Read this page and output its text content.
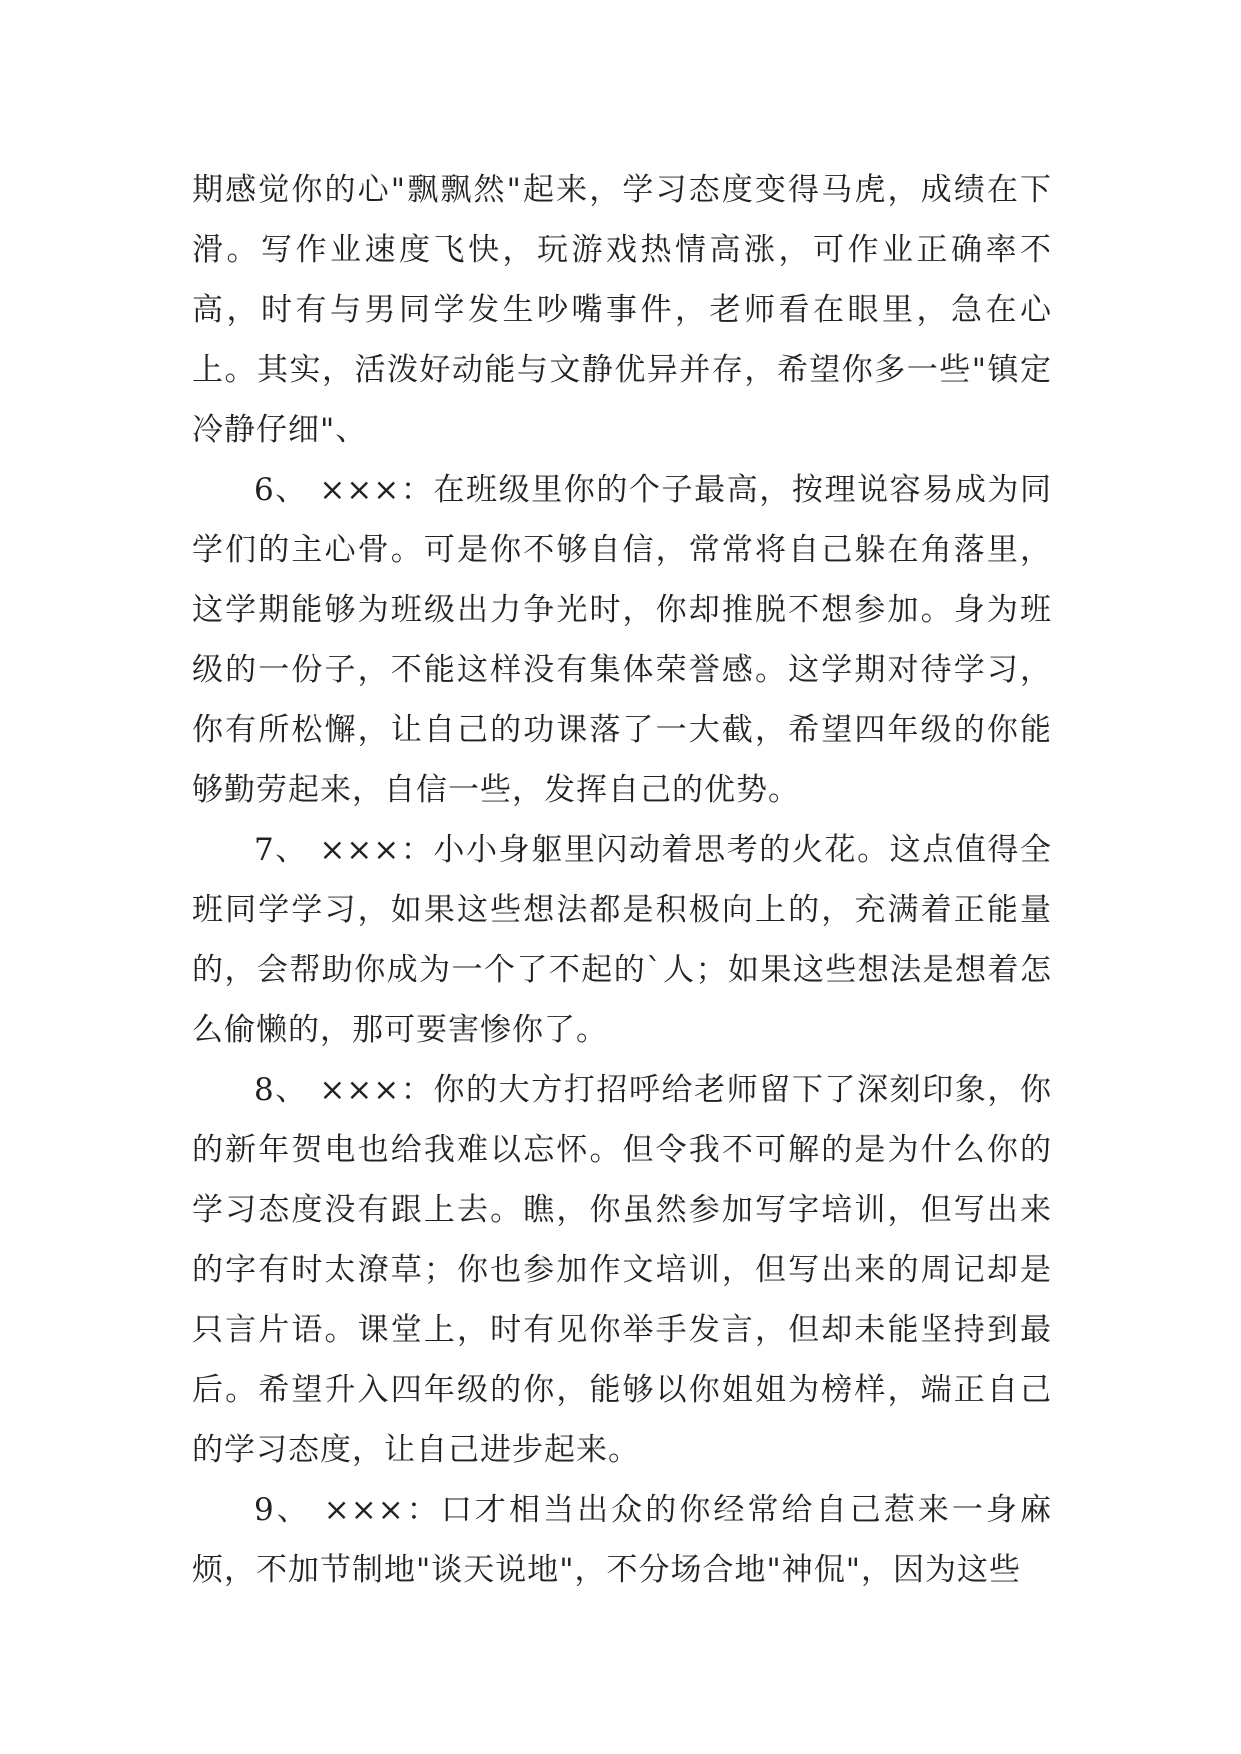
期感觉你的心"飘飘然"起来，学习态度变得马虎，成绩在下滑。写作业速度飞快，玩游戏热情高涨，可作业正确率不高，时有与男同学发生吵嘴事件，老师看在眼里，急在心上。其实，活泼好动能与文静优异并存，希望你多一些"镇定冷静仔细"、

6、 ×××：在班级里你的个子最高，按理说容易成为同学们的主心骨。可是你不够自信，常常将自己躲在角落里，这学期能够为班级出力争光时，你却推脱不想参加。身为班级的一份子，不能这样没有集体荣誉感。这学期对待学习，你有所松懈，让自己的功课落了一大截，希望四年级的你能够勤劳起来，自信一些，发挥自己的优势。

7、 ×××：小小身躯里闪动着思考的火花。这点值得全班同学学习，如果这些想法都是积极向上的，充满着正能量的，会帮助你成为一个了不起的`人；如果这些想法是想着怎么偷懒的，那可要害惨你了。

8、 ×××：你的大方打招呼给老师留下了深刻印象，你的新年贺电也给我难以忘怀。但令我不可解的是为什么你的学习态度没有跟上去。瞧，你虽然参加写字培训，但写出来的字有时太潦草；你也参加作文培训，但写出来的周记却是只言片语。课堂上，时有见你举手发言，但却未能坚持到最后。希望升入四年级的你，能够以你姐姐为榜样，端正自己的学习态度，让自己进步起来。

9、 ×××：口才相当出众的你经常给自己惹来一身麻烦，不加节制地"谈天说地"，不分场合地"神侃"，因为这些
